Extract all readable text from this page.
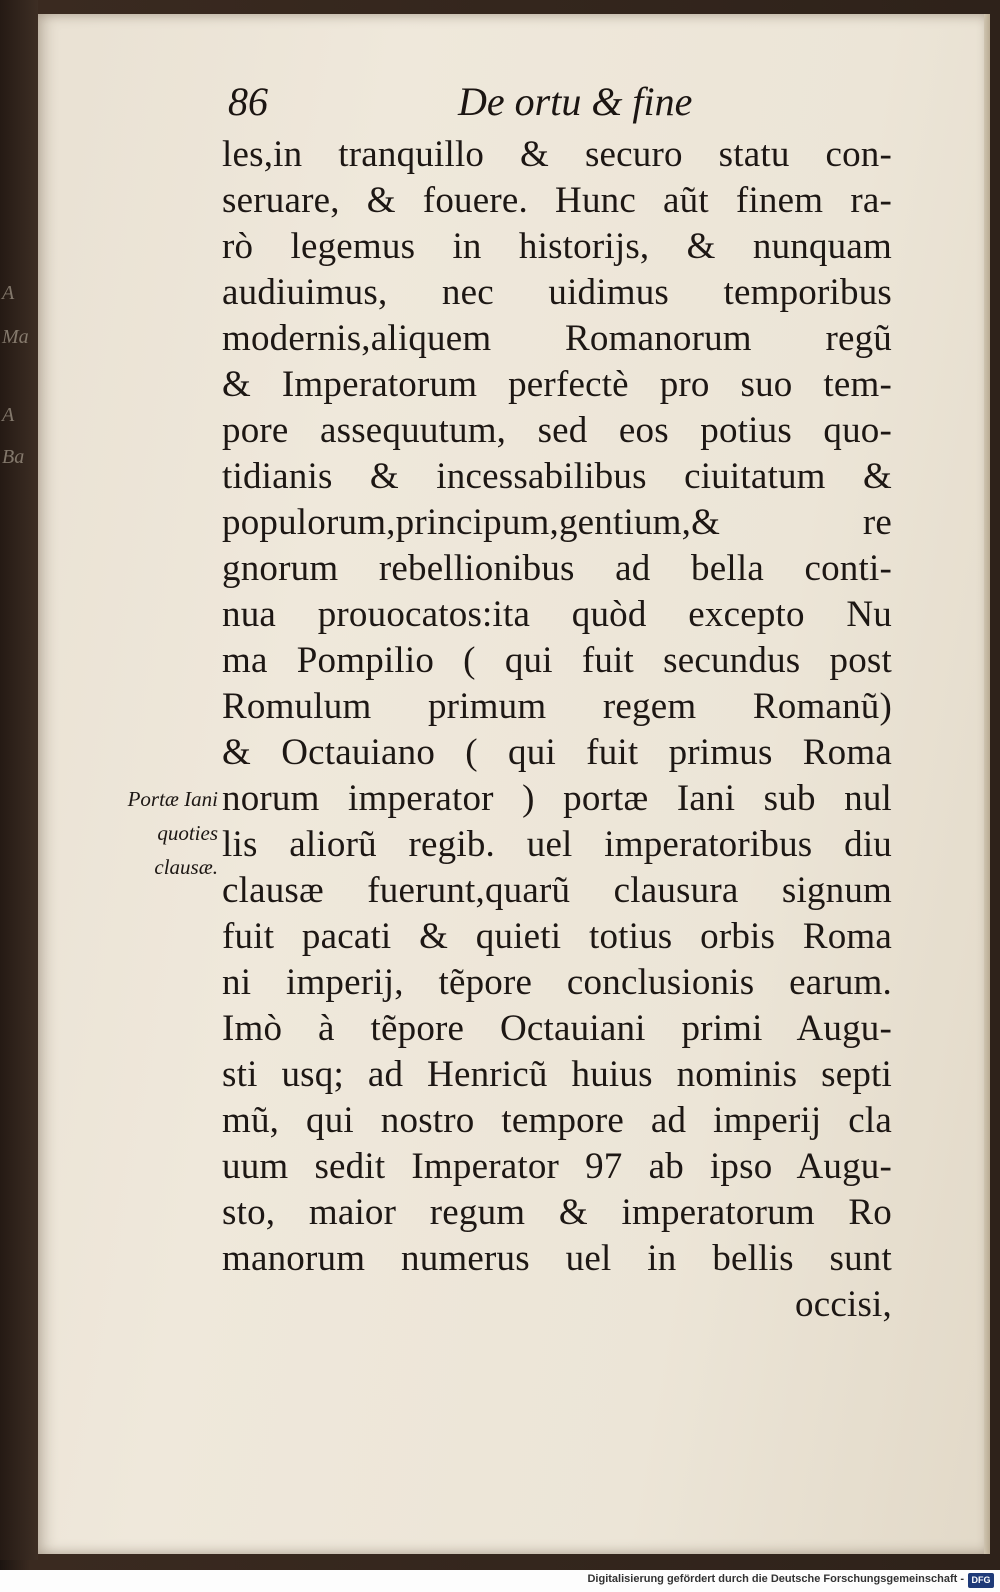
A
Ma
A
Ba
86	De ortu & fine
les,in tranquillo & securo statu con-
seruare, & fouere. Hunc aũt finem ra-
rò legemus in historijs, & nunquam
audiuimus, nec uidimus temporibus
modernis,aliquem Romanorum regũ
& Imperatorum perfectè pro suo tem-
pore assequutum, sed eos potius quo-
tidianis & incessabilibus ciuitatum &
populorum,principum,gentium,& re
gnorum rebellionibus ad bella conti-
nua prouocatos:ita quòd excepto Nu
ma Pompilio ( qui fuit secundus post
Romulum primum regem Romanũ)
& Octauiano ( qui fuit primus Roma
norum imperator ) portæ Iani sub nul
lis aliorũ regib. uel imperatoribus diu
clausæ fuerunt,quarũ clausura signum
fuit pacati & quieti totius orbis Roma
ni imperij, tẽpore conclusionis earum.
Imò à tẽpore Octauiani primi Augu-
sti usq; ad Henricũ huius nominis septi
mũ, qui nostro tempore ad imperij cla
uum sedit Imperator 97 ab ipso Augu-
sto, maior regum & imperatorum Ro
manorum numerus uel in bellis sunt
occisi,
Portæ Iani
quoties
clausæ.
Digitalisierung gefördert durch die Deutsche Forschungsgemeinschaft - DFG
